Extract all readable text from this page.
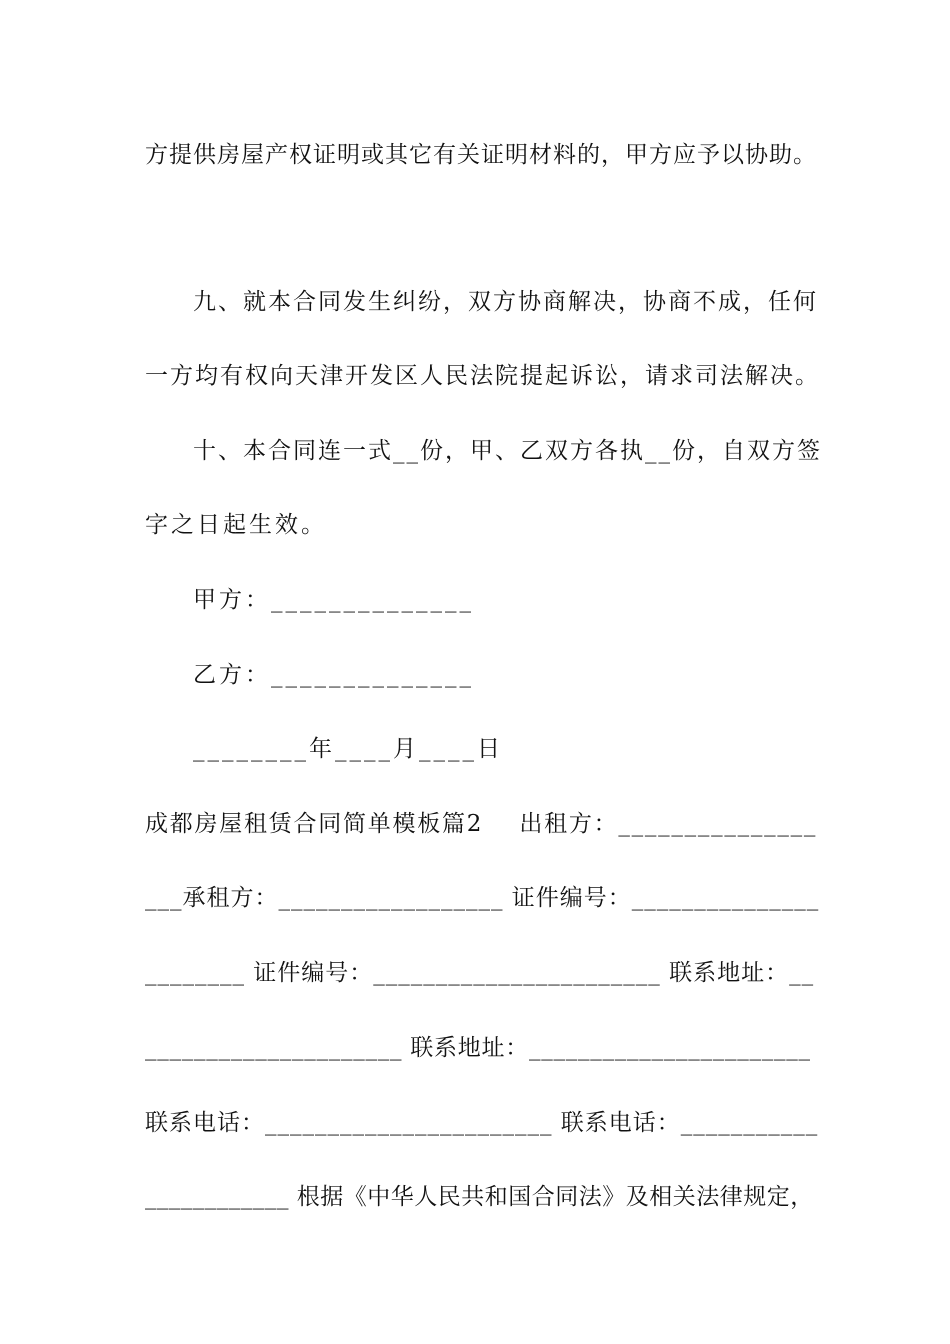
方提供房屋产权证明或其它有关证明材料的，甲方应予以协助。
九、就本合同发生纠纷，双方协商解决，协商不成，任何
一方均有权向天津开发区人民法院提起诉讼，请求司法解决。
十、本合同连一式__份，甲、乙双方各执__份，自双方签
字之日起生效。
甲方：______________
乙方：______________
________年____月____日
成都房屋租赁合同简单模板篇2    出租方：_______________
___承租方：__________________ 证件编号：_______________
________ 证件编号：_______________________ 联系地址：__
_____________________ 联系地址：_______________________
联系电话：_______________________ 联系电话：___________
____________ 根据《中华人民共和国合同法》及相关法律规定，
